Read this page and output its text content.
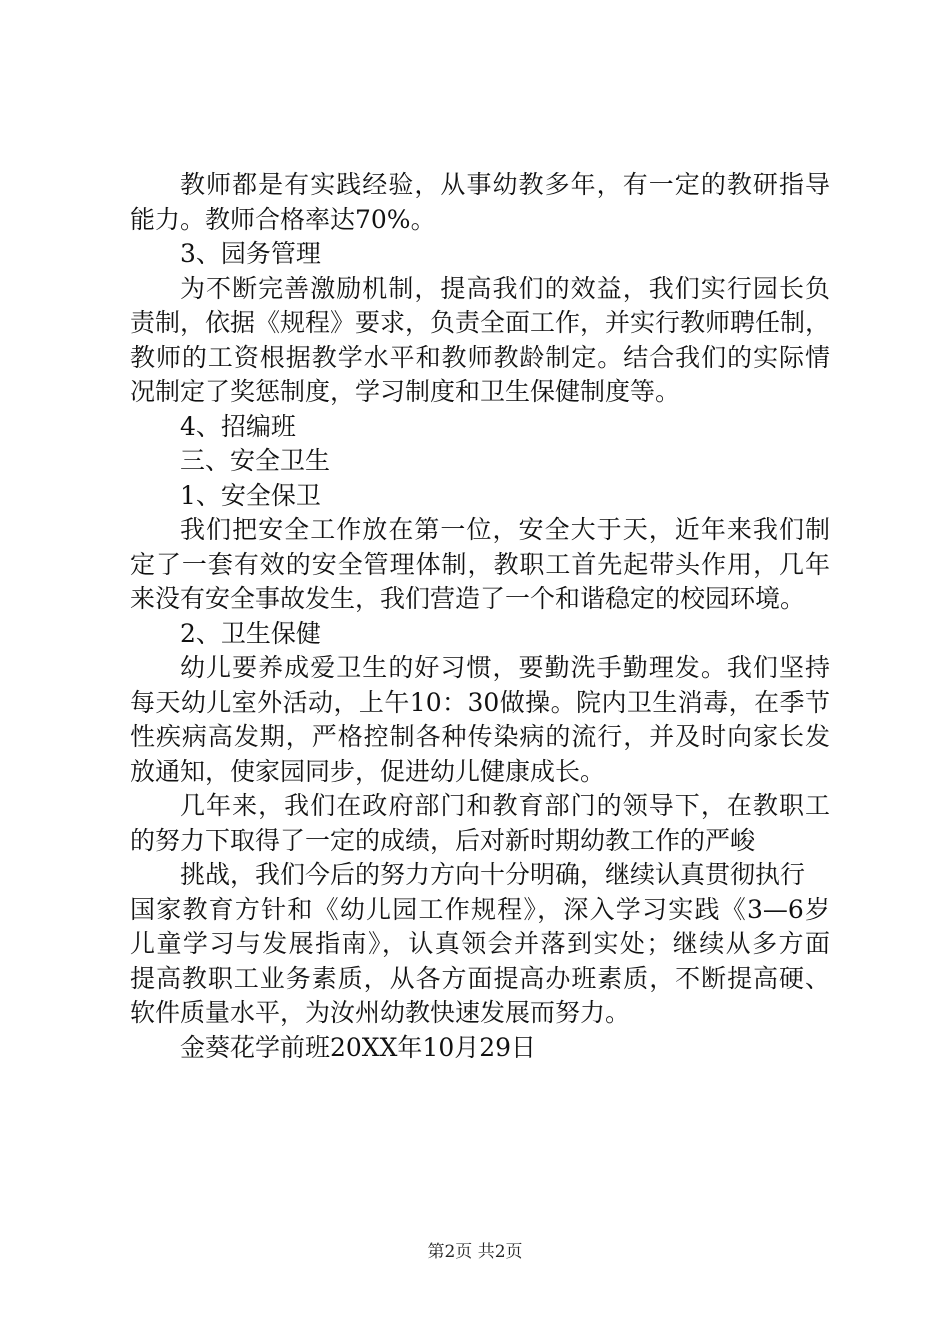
教师都是有实践经验，从事幼教多年，有一定的教研指导
能力。教师合格率达70%。
3、园务管理
为不断完善激励机制，提高我们的效益，我们实行园长负
责制，依据《规程》要求，负责全面工作，并实行教师聘任制，
教师的工资根据教学水平和教师教龄制定。结合我们的实际情
况制定了奖惩制度，学习制度和卫生保健制度等。
4、招编班
三、安全卫生
1、安全保卫
我们把安全工作放在第一位，安全大于天，近年来我们制
定了一套有效的安全管理体制，教职工首先起带头作用，几年
来没有安全事故发生，我们营造了一个和谐稳定的校园环境。
2、卫生保健
幼儿要养成爱卫生的好习惯，要勤洗手勤理发。我们坚持
每天幼儿室外活动，上午10：30做操。院内卫生消毒，在季节
性疾病高发期，严格控制各种传染病的流行，并及时向家长发
放通知，使家园同步，促进幼儿健康成长。
几年来，我们在政府部门和教育部门的领导下，在教职工
的努力下取得了一定的成绩，后对新时期幼教工作的严峻
挑战，我们今后的努力方向十分明确，继续认真贯彻执行
国家教育方针和《幼儿园工作规程》，深入学习实践《3—6岁
儿童学习与发展指南》，认真领会并落到实处；继续从多方面
提高教职工业务素质，从各方面提高办班素质，不断提高硬、
软件质量水平，为汝州幼教快速发展而努力。
金葵花学前班20XX年10月29日
第2页 共2页
